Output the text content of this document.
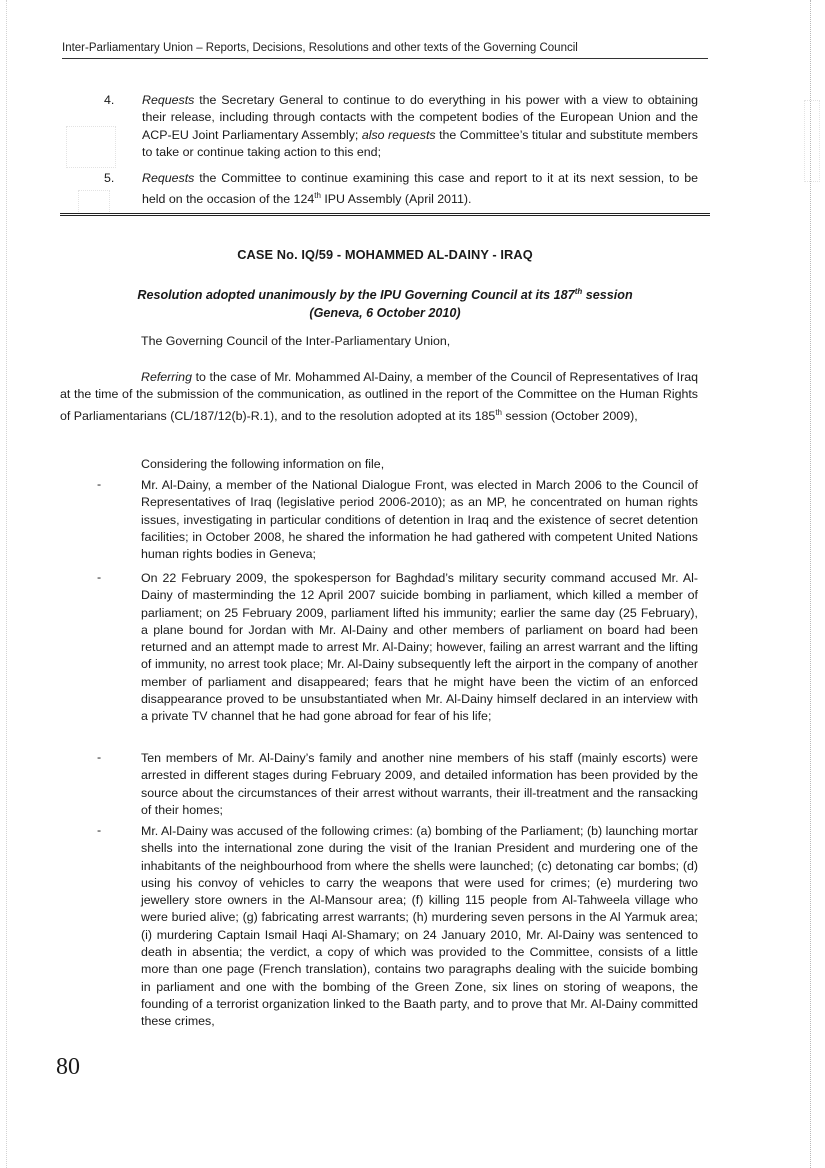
Inter-Parliamentary Union – Reports, Decisions, Resolutions and other texts of the Governing Council
4. Requests the Secretary General to continue to do everything in his power with a view to obtaining their release, including through contacts with the competent bodies of the European Union and the ACP-EU Joint Parliamentary Assembly; also requests the Committee’s titular and substitute members to take or continue taking action to this end;

5. Requests the Committee to continue examining this case and report to it at its next session, to be held on the occasion of the 124th IPU Assembly (April 2011).

CASE No. IQ/59 - MOHAMMED AL-DAINY - IRAQ
Resolution adopted unanimously by the IPU Governing Council at its 187th session
(Geneva, 6 October 2010)

The Governing Council of the Inter-Parliamentary Union,

Referring to the case of Mr. Mohammed Al-Dainy, a member of the Council of Representatives of Iraq at the time of the submission of the communication, as outlined in the report of the Committee on the Human Rights of Parliamentarians (CL/187/12(b)-R.1), and to the resolution adopted at its 185th session (October 2009),

Considering the following information on file,

-	Mr. Al-Dainy, a member of the National Dialogue Front, was elected in March 2006 to the Council of Representatives of Iraq (legislative period 2006-2010); as an MP, he concentrated on human rights issues, investigating in particular conditions of detention in Iraq and the existence of secret detention facilities; in October 2008, he shared the information he had gathered with competent United Nations human rights bodies in Geneva;

-	On 22 February 2009, the spokesperson for Baghdad’s military security command accused Mr. Al-Dainy of masterminding the 12 April 2007 suicide bombing in parliament, which killed a member of parliament; on 25 February 2009, parliament lifted his immunity; earlier the same day (25 February), a plane bound for Jordan with Mr. Al-Dainy and other members of parliament on board had been returned and an attempt made to arrest Mr. Al-Dainy; however, failing an arrest warrant and the lifting of immunity, no arrest took place; Mr. Al-Dainy subsequently left the airport in the company of another member of parliament and disappeared; fears that he might have been the victim of an enforced disappearance proved to be unsubstantiated when Mr. Al-Dainy himself declared in an interview with a private TV channel that he had gone abroad for fear of his life;

-	Ten members of Mr. Al-Dainy’s family and another nine members of his staff (mainly escorts) were arrested in different stages during February 2009, and detailed information has been provided by the source about the circumstances of their arrest without warrants, their ill-treatment and the ransacking of their homes;

-	Mr. Al-Dainy was accused of the following crimes: (a) bombing of the Parliament; (b) launching mortar shells into the international zone during the visit of the Iranian President and murdering one of the inhabitants of the neighbourhood from where the shells were launched; (c) detonating car bombs; (d) using his convoy of vehicles to carry the weapons that were used for crimes; (e) murdering two jewellery store owners in the Al-Mansour area; (f) killing 115 people from Al-Tahweela village who were buried alive; (g) fabricating arrest warrants; (h) murdering seven persons in the Al Yarmuk area; (i) murdering Captain Ismail Haqi Al-Shamary; on 24 January 2010, Mr. Al-Dainy was sentenced to death in absentia; the verdict, a copy of which was provided to the Committee, consists of a little more than one page (French translation), contains two paragraphs dealing with the suicide bombing in parliament and one with the bombing of the Green Zone, six lines on storing of weapons, the founding of a terrorist organization linked to the Baath party, and to prove that Mr. Al-Dainy committed these crimes,

80
